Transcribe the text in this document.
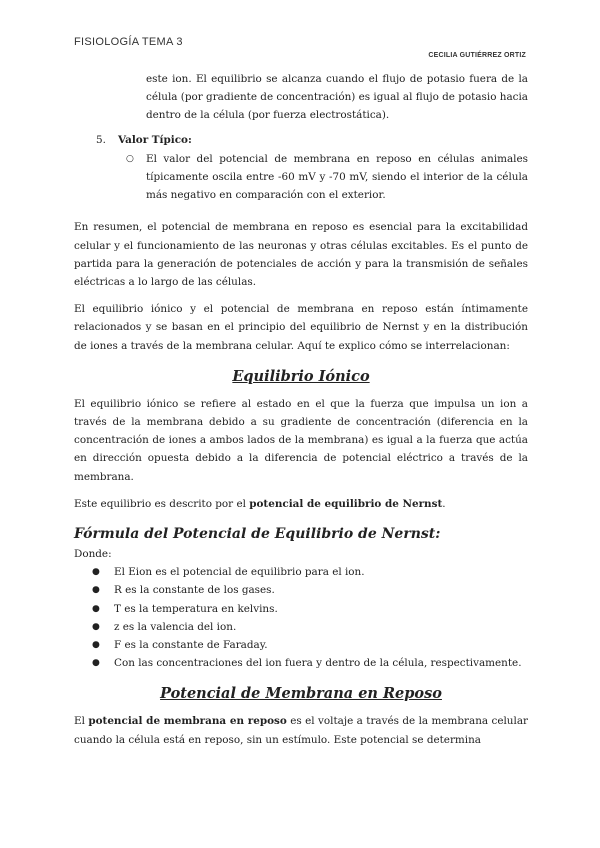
FISIOLOGÍA TEMA 3
CECILIA GUTIÉRREZ ORTIZ

este ion. El equilibrio se alcanza cuando el flujo de potasio fuera de la célula (por gradiente de concentración) es igual al flujo de potasio hacia dentro de la célula (por fuerza electrostática).

5.	Valor Típico:
○	El valor del potencial de membrana en reposo en células animales típicamente oscila entre -60 mV y -70 mV, siendo el interior de la célula más negativo en comparación con el exterior.

En resumen, el potencial de membrana en reposo es esencial para la excitabilidad celular y el funcionamiento de las neuronas y otras células excitables. Es el punto de partida para la generación de potenciales de acción y para la transmisión de señales eléctricas a lo largo de las células.

El equilibrio iónico y el potencial de membrana en reposo están íntimamente relacionados y se basan en el principio del equilibrio de Nernst y en la distribución de iones a través de la membrana celular. Aquí te explico cómo se interrelacionan:

Equilibrio Iónico

El equilibrio iónico se refiere al estado en el que la fuerza que impulsa un ion a través de la membrana debido a su gradiente de concentración (diferencia en la concentración de iones a ambos lados de la membrana) es igual a la fuerza que actúa en dirección opuesta debido a la diferencia de potencial eléctrico a través de la membrana.

Este equilibrio es descrito por el potencial de equilibrio de Nernst.

Fórmula del Potencial de Equilibrio de Nernst:

Donde:

●	El Eion es el potencial de equilibrio para el ion.
●	R es la constante de los gases.
●	T es la temperatura en kelvins.
●	z es la valencia del ion.
●	F es la constante de Faraday.
●	Con las concentraciones del ion fuera y dentro de la célula, respectivamente.
Potencial de Membrana en Reposo

El potencial de membrana en reposo es el voltaje a través de la membrana celular cuando la célula está en reposo, sin un estímulo. Este potencial se determina
